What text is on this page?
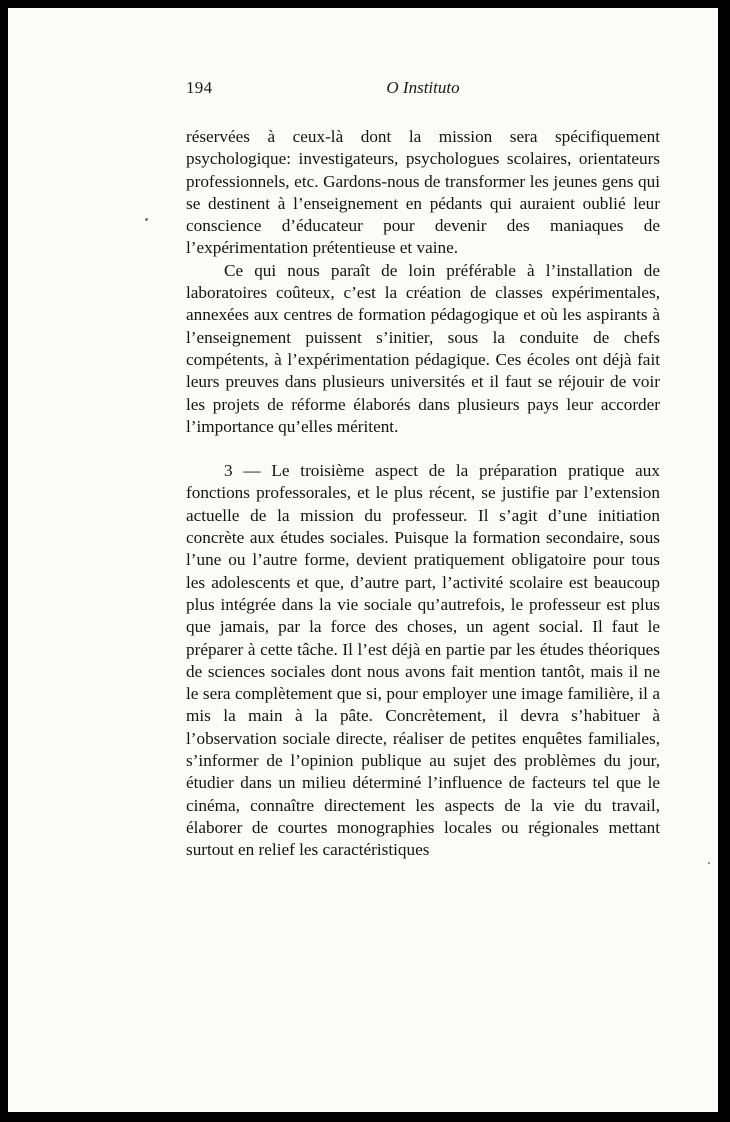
194	O Instituto

réservées à ceux-là dont la mission sera spécifiquement psychologique: investigateurs, psychologues scolaires, orientateurs professionnels, etc. Gardons-nous de transformer les jeunes gens qui se destinent à l’enseignement en pédants qui auraient oublié leur conscience d’éducateur pour devenir des maniaques de l’expérimentation prétentieuse et vaine.

Ce qui nous paraît de loin préférable à l’installation de laboratoires coûteux, c’est la création de classes expérimentales, annexées aux centres de formation pédagogique et où les aspirants à l’enseignement puissent s’initier, sous la conduite de chefs compétents, à l’expérimentation pédagique. Ces écoles ont déjà fait leurs preuves dans plusieurs universités et il faut se réjouir de voir les projets de réforme élaborés dans plusieurs pays leur accorder l’importance qu’elles méritent.

3 — Le troisième aspect de la préparation pratique aux fonctions professorales, et le plus récent, se justifie par l’extension actuelle de la mission du professeur. Il s’agit d’une initiation concrète aux études sociales. Puisque la formation secondaire, sous l’une ou l’autre forme, devient pratiquement obligatoire pour tous les adolescents et que, d’autre part, l’activité scolaire est beaucoup plus intégrée dans la vie sociale qu’autrefois, le professeur est plus que jamais, par la force des choses, un agent social. Il faut le préparer à cette tâche. Il l’est déjà en partie par les études théoriques de sciences sociales dont nous avons fait mention tantôt, mais il ne le sera complètement que si, pour employer une image familière, il a mis la main à la pâte. Concrètement, il devra s’habituer à l’observation sociale directe, réaliser de petites enquêtes familiales, s’informer de l’opinion publique au sujet des problèmes du jour, étudier dans un milieu déterminé l’influence de facteurs tel que le cinéma, connaître directement les aspects de la vie du travail, élaborer de courtes monographies locales ou régionales mettant surtout en relief les caractéristiques
